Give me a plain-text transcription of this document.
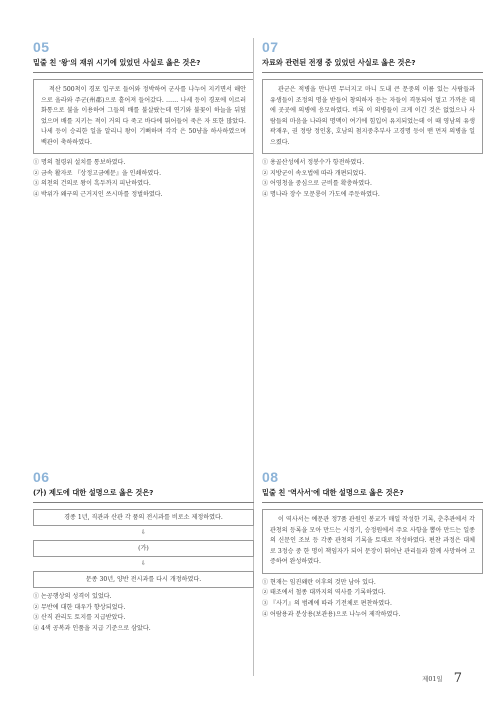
05
밑줄 친 '왕'의 재위 시기에 있었던 사실로 옳은 것은?
적산 500척이 경포 입구로 들어와 정박하여 군사를 나누어 지키면서 해안으로 올라와 주군(州郡)으로 흩어져 들어갔다. …… 나세 등이 경포에 이르러 화통으로 불을 이용하여 그들의 배를 불살랐는데 연기와 불꽃이 하늘을 뒤덮었으며 배를 지키는 적이 거의 다 죽고 바다에 뛰어들어 죽은 자 또한 많았다. 나세 등이 승리한 일을 알리니 왕이 기뻐하며 각각 은 50냥을 하사하였으며 백관이 축하하였다.
① 명의 철령위 설치를 통보하였다.
② 금속 활자로 『상정고금예문』을 인쇄하였다.
③ 의천의 건의로 왕이 흑두까지 피난하였다.
④ 박위가 왜구의 근거지인 쓰시마를 정벌하였다.
07
자료와 관련된 전쟁 중 있었던 사실로 옳은 것은?
관군은 적병을 만나면 무너지고 마니 도내 큰 문중의 이름 있는 사람들과 유생들이 조정의 명을 받들어 창의하자 듣는 자들이 격동되어 멀고 가까운 데에 곳곳에 의병에 응모하였다. 비록 이 의병들이 크게 이긴 것은 없었으나 사람들의 마음을 나라의 명맥이 여기에 힘입어 유지되었는데 이 때 영남의 유생 곽재우, 권 정랑 정인홍, 호남의 첨지중추부사 고경명 등이 맨 먼저 의병을 일으켰다.
① 용골산성에서 정봉수가 항전하였다.
② 지방군이 속오법에 따라 개편되었다.
③ 어영청을 중심으로 군비를 확충하였다.
④ 명나라 장수 모문룡이 가도에 주둔하였다.
06
(가) 제도에 대한 설명으로 옳은 것은?
경종 1년, 직관과 산관 각 품의 전시과를 비로소 제정하였다.
⇩
(가)
⇩
문종 30년, 양반 전시과를 다시 개정하였다.
① 논공행상의 성격이 있었다.
② 무반에 대한 대우가 향상되었다.
③ 산직 관리도 토지를 지급받았다.
④ 4색 공복과 인품을 지급 기준으로 삼았다.
08
밑줄 친 '역사서'에 대한 설명으로 옳은 것은?
이 역사서는 예문관 정7품 관원인 봉교가 매일 작성한 기록, 춘추관에서 각 관청의 등록을 모아 만드는 시정기, 승정원에서 주요 사항을 뽑아 만드는 일종의 신문인 조보 등 각종 관청의 기록을 토대로 작성하였다. 편찬 과정은 대체로 3정승 중 한 명이 책임자가 되어 문장이 뛰어난 관리들과 함께 사망하여 고증하여 완성하였다.
① 현재는 임진왜란 이후의 것만 남아 있다.
② 태조에서 철종 대까지의 역사를 기록하였다.
③ 『사기』의 범례에 따라 기전체로 편찬하였다.
④ 어람용과 분상용(보관용)으로 나누어 제작하였다.
제01일 7
